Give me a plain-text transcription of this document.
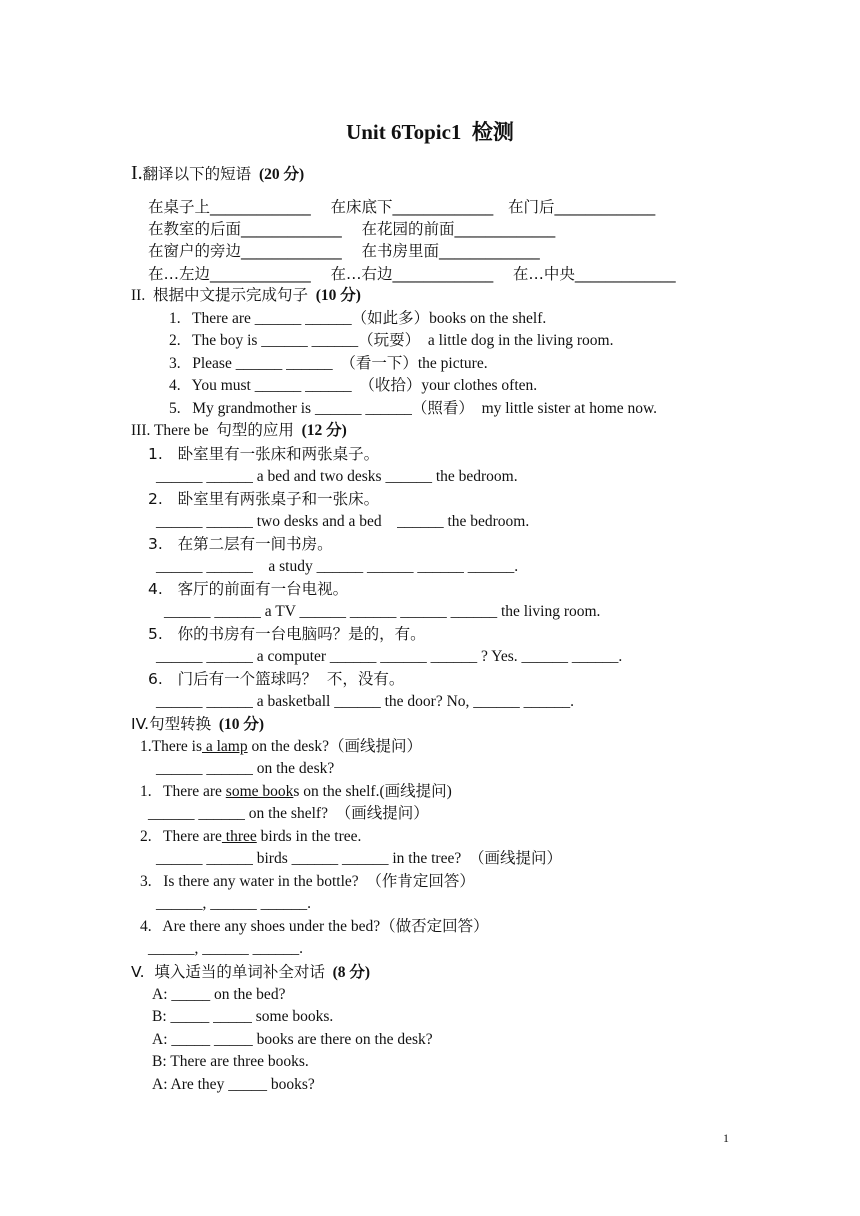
Unit 6Topic1  检测
I.翻译以下的短语 (20 分)
在桌子上_____________    在床底下_____________   在门后_____________
在教室的后面_____________    在花园的前面_____________
在窗户的旁边_____________    在书房里面_____________
在…左边_____________    在…右边_____________    在…中央_____________
II.  根据中文提示完成句子 (10 分)
1.   There are ______ ______（如此多）books on the shelf.
2.   The boy is ______ ______（玩耍）  a little dog in the living room.
3.   Please ______ ______  （看一下）the picture.
4.   You must ______ ______  （收拾）your clothes often.
5.   My grandmother is ______ ______（照看）  my little sister at home now.
III. There be  句型的应用 (12 分)
1.   卧室里有一张床和两张桌子。
______ ______ a bed and two desks ______ the bedroom.
2.   卧室里有两张桌子和一张床。
______ ______ two desks and a bed    ______ the bedroom.
3.   在第二层有一间书房。
______ ______    a study ______ ______ ______ ______.
4.   客厅的前面有一台电视。
______ ______ a TV ______ ______ ______ ______ the living room.
5.   你的书房有一台电脑吗？是的，有。
______ ______ a computer ______ ______ ______ ? Yes. ______ ______.
6.   门后有一个篮球吗？  不，没有。
______ ______ a basketball ______ the door? No, ______ ______.
IV.句型转换 (10 分)
1.There is a lamp on the desk?（画线提问）
______ ______ on the desk?
1.   There are some books on the shelf.(画线提问)
______ ______ on the shelf?  （画线提问）
2.   There are three birds in the tree.
______ ______ birds ______ ______ in the tree?  （画线提问）
3.   Is there any water in the bottle?  （作肯定回答）
______, ______ ______.
4.   Are there any shoes under the bed?（做否定回答）
______, ______ ______.
V.  填入适当的单词补全对话 (8 分)
A: _____ on the bed?
B: _____ _____ some books.
A: _____ _____ books are there on the desk?
B: There are three books.
A: Are they _____ books?
1
